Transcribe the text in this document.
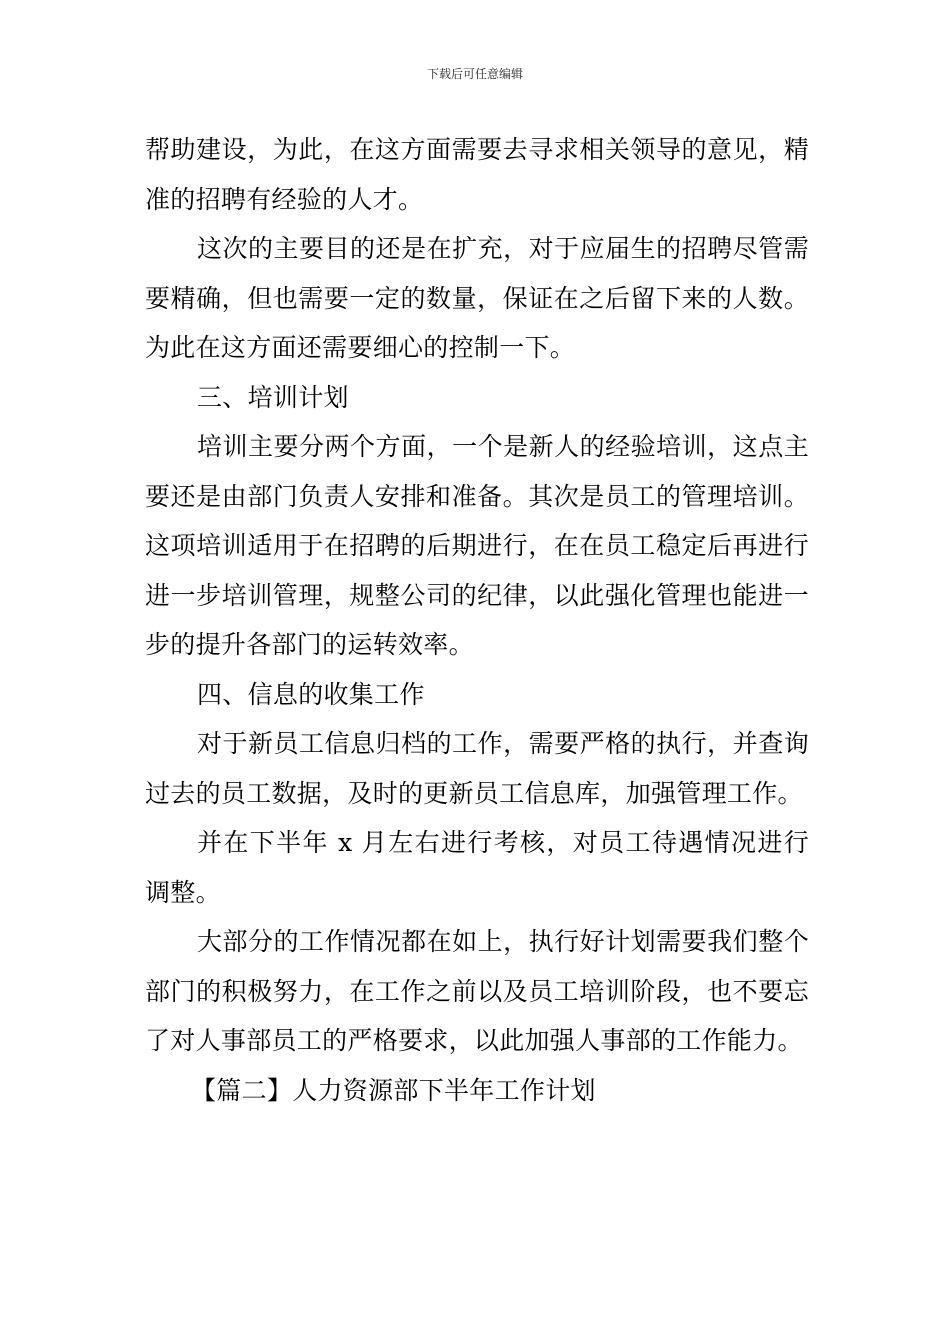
下载后可任意编辑

帮助建设，为此，在这方面需要去寻求相关领导的意见，精准的招聘有经验的人才。

这次的主要目的还是在扩充，对于应届生的招聘尽管需要精确，但也需要一定的数量，保证在之后留下来的人数。为此在这方面还需要细心的控制一下。

三、培训计划

培训主要分两个方面，一个是新人的经验培训，这点主要还是由部门负责人安排和准备。其次是员工的管理培训。这项培训适用于在招聘的后期进行，在在员工稳定后再进行进一步培训管理，规整公司的纪律，以此强化管理也能进一步的提升各部门的运转效率。

四、信息的收集工作

对于新员工信息归档的工作，需要严格的执行，并查询过去的员工数据，及时的更新员工信息库，加强管理工作。

并在下半年 x 月左右进行考核，对员工待遇情况进行调整。

大部分的工作情况都在如上，执行好计划需要我们整个部门的积极努力，在工作之前以及员工培训阶段，也不要忘了对人事部员工的严格要求，以此加强人事部的工作能力。

【篇二】人力资源部下半年工作计划
